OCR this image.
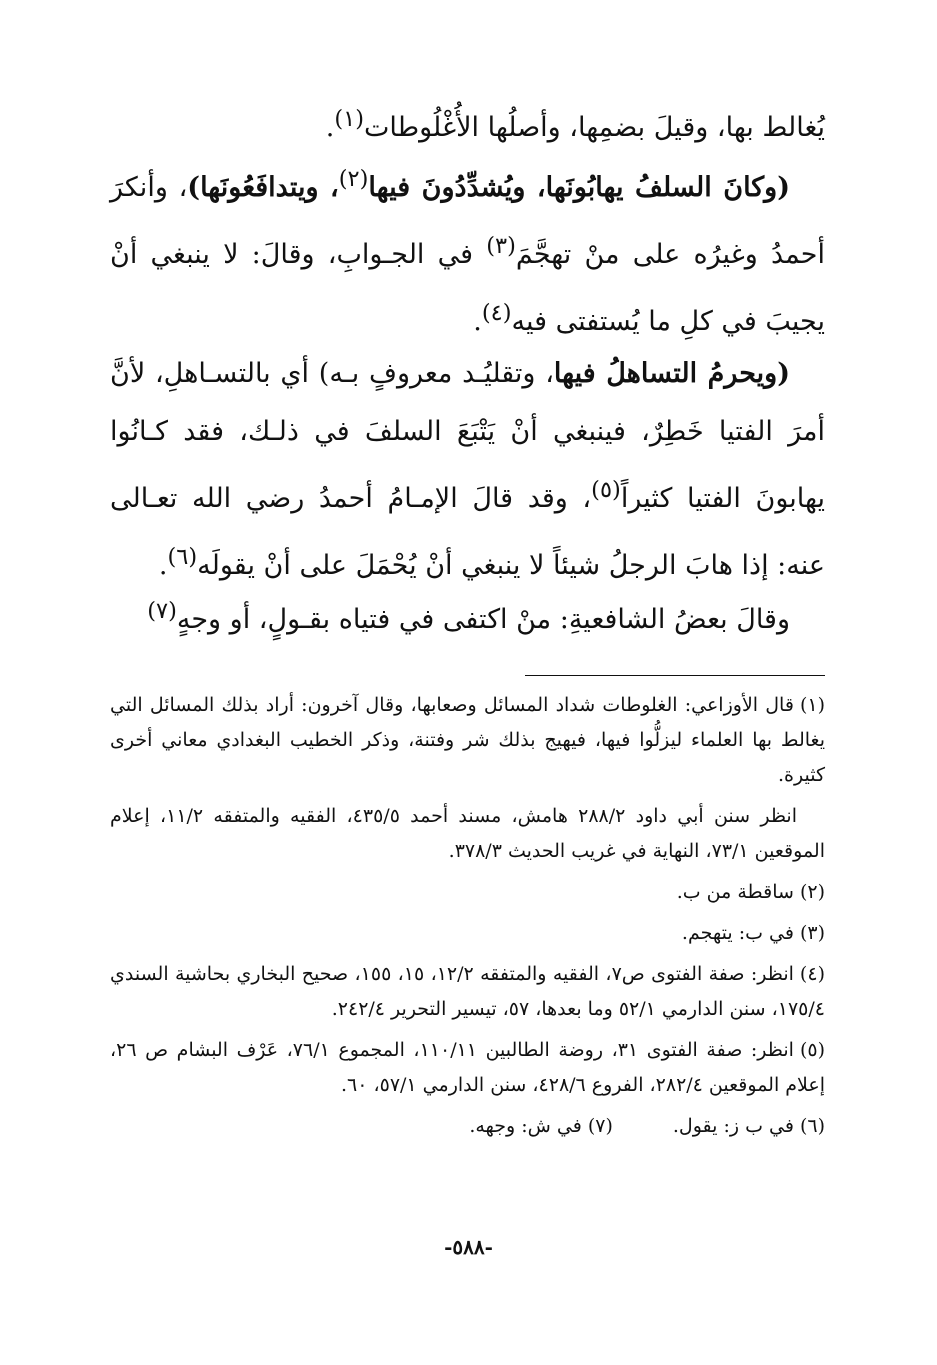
يُغالط بها، وقيلَ بضمِها، وأصلُها الأُغْلُوطات$^{(١)}$.

(وكانَ السلفُ يهابُونَها، ويُشدِّدُونَ فيها$^{(٢)}$، ويتدافَعُونَها)، وأنكرَ أحمدُ وغيرُه على منْ تهجَّمَ$^{(٣)}$ في الجـوابِ، وقالَ: لا ينبغي أنْ يجيبَ في كلِ ما يُستفتى فيه$^{(٤)}$.

(ويحرمُ التساهلُ فيها، وتقليُـد معروفٍ بـه) أي بالتسـاهلِ، لأنَّ أمرَ الفتيا خَطِرٌ، فينبغي أنْ يَتْبَعَ السلفَ في ذلـك، فقد كـانُوا يهابونَ الفتيا كثيراً$^{(٥)}$، وقد قالَ الإمـامُ أحمدُ رضي الله تعـالى عنه: إذا هابَ الرجلُ شيئاً لا ينبغي أنْ يُحْمَلَ على أنْ يقولَه$^{(٦)}$.

وقالَ بعضُ الشافعيةِ: منْ اكتفى في فتياه بقـولٍ، أو وجهٍ$^{(٧)}$

(١)قال الأوزاعي: الغلوطات شداد المسائل وصعابها، وقال آخرون: أراد بذلك المسائل التي يغالط بها العلماء ليزلُّوا فيها، فيهيج بذلك شر وفتنة، وذكر الخطيب البغدادي معاني أخرى كثيرة.

انظر سنن أبي داود ٢٨٨/٢ هامش، مسند أحمد ٤٣٥/٥، الفقيه والمتفقه ١١/٢، إعلام الموقعين ٧٣/١، النهاية في غريب الحديث ٣٧٨/٣.

(٢)ساقطة من ب.

(٣)في ب: يتهجم.

(٤)انظر: صفة الفتوى ص٧، الفقيه والمتفقه ١٢/٢، ١٥، ١٥٥، صحيح البخاري بحاشية السندي ١٧٥/٤، سنن الدارمي ٥٢/١ وما بعدها، ٥٧، تيسير التحرير ٢٤٢/٤.

(٥)انظر: صفة الفتوى ٣١، روضة الطالبين ١١٠/١١، المجموع ٧٦/١، عَرْف البشام ص ٢٦، إعلام الموقعين ٢٨٢/٤، الفروع ٤٢٨/٦، سنن الدارمي ٥٧/١، ٦٠.

(٦)في ب ز: يقول.
(٧)في ش: وجهه.
-٥٨٨-
